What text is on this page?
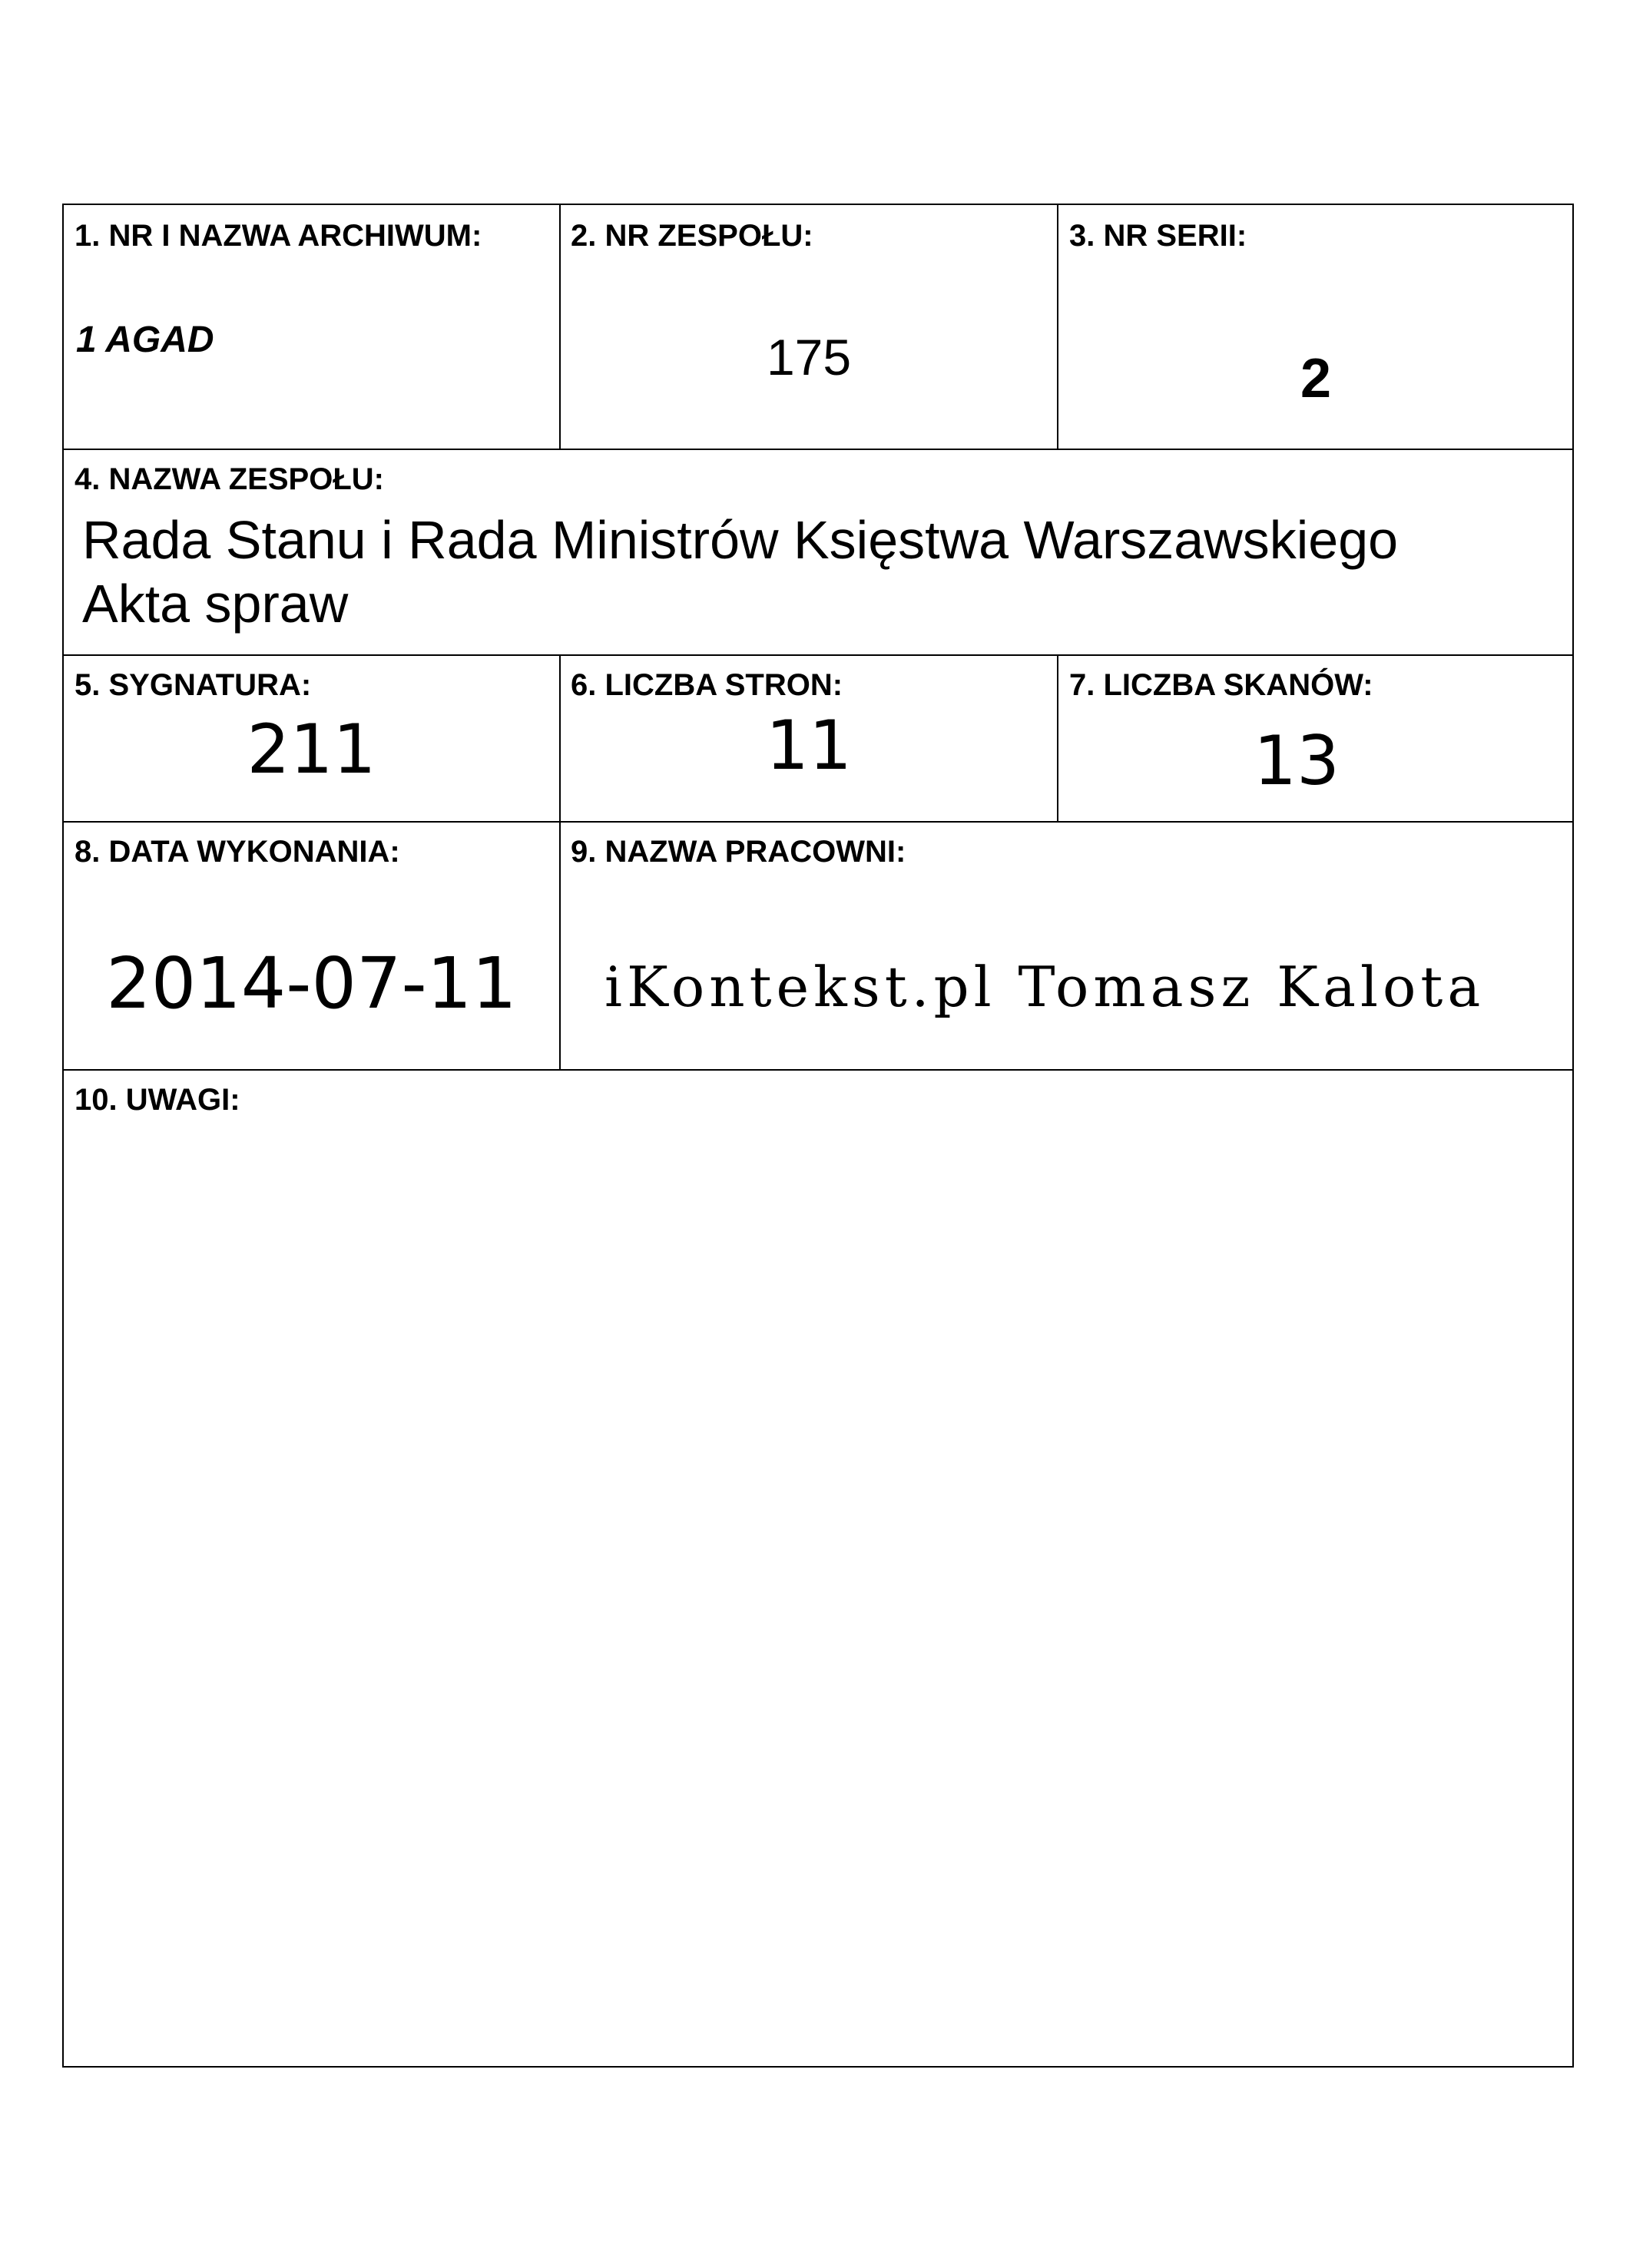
1. NR I NAZWA ARCHIWUM:
1 AGAD
2. NR ZESPOŁU:
175
3. NR SERII:
2
4. NAZWA ZESPOŁU:
Rada Stanu i Rada Ministrów Księstwa Warszawskiego
Akta spraw
5. SYGNATURA:
211
6. LICZBA STRON:
11
7. LICZBA SKANÓW:
13
8. DATA WYKONANIA:
2014-07-11
9. NAZWA PRACOWNI:
iKontekst.pl Tomasz Kalota
10. UWAGI:
